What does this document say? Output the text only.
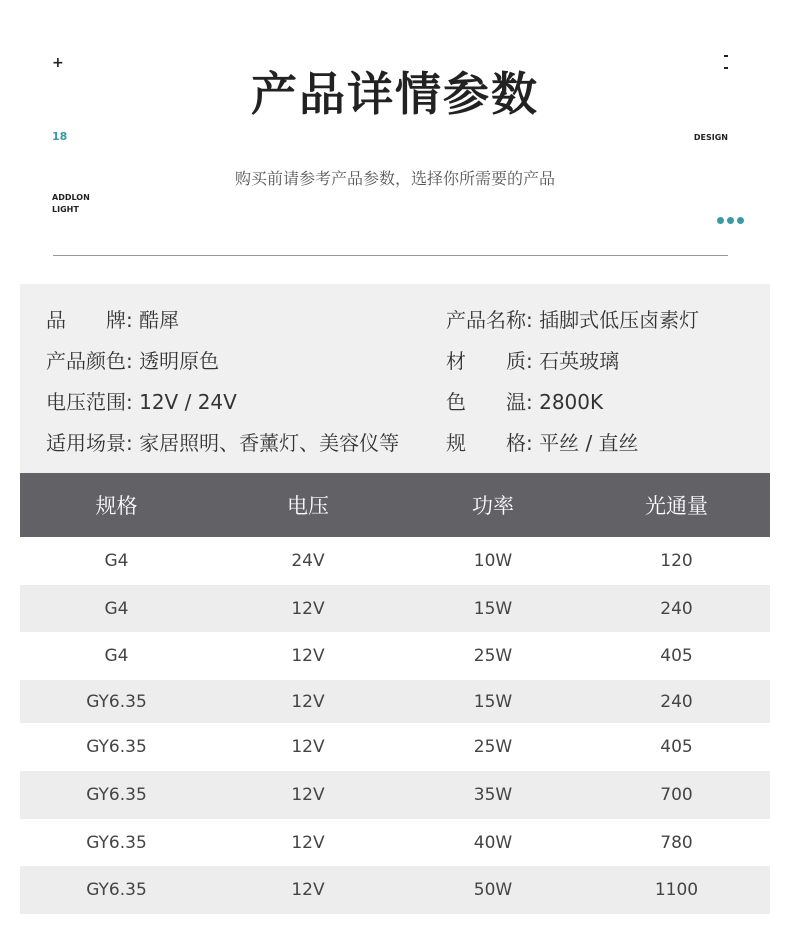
+
18	DESIGN
ADDLON
LIGHT
产品详情参数
购买前请参考产品参数，选择你所需要的产品
品　　牌: 酷犀
产品颜色: 透明原色
电压范围: 12V / 24V
适用场景: 家居照明、香薰灯、美容仪等
产品名称: 插脚式低压卤素灯
材　　质: 石英玻璃
色　　温: 2800K
规　　格: 平丝 / 直丝
规格	电压	功率	光通量
G4	24V	10W	120
G4	12V	15W	240
G4	12V	25W	405
GY6.35	12V	15W	240
GY6.35	12V	25W	405
GY6.35	12V	35W	700
GY6.35	12V	40W	780
GY6.35	12V	50W	1100
